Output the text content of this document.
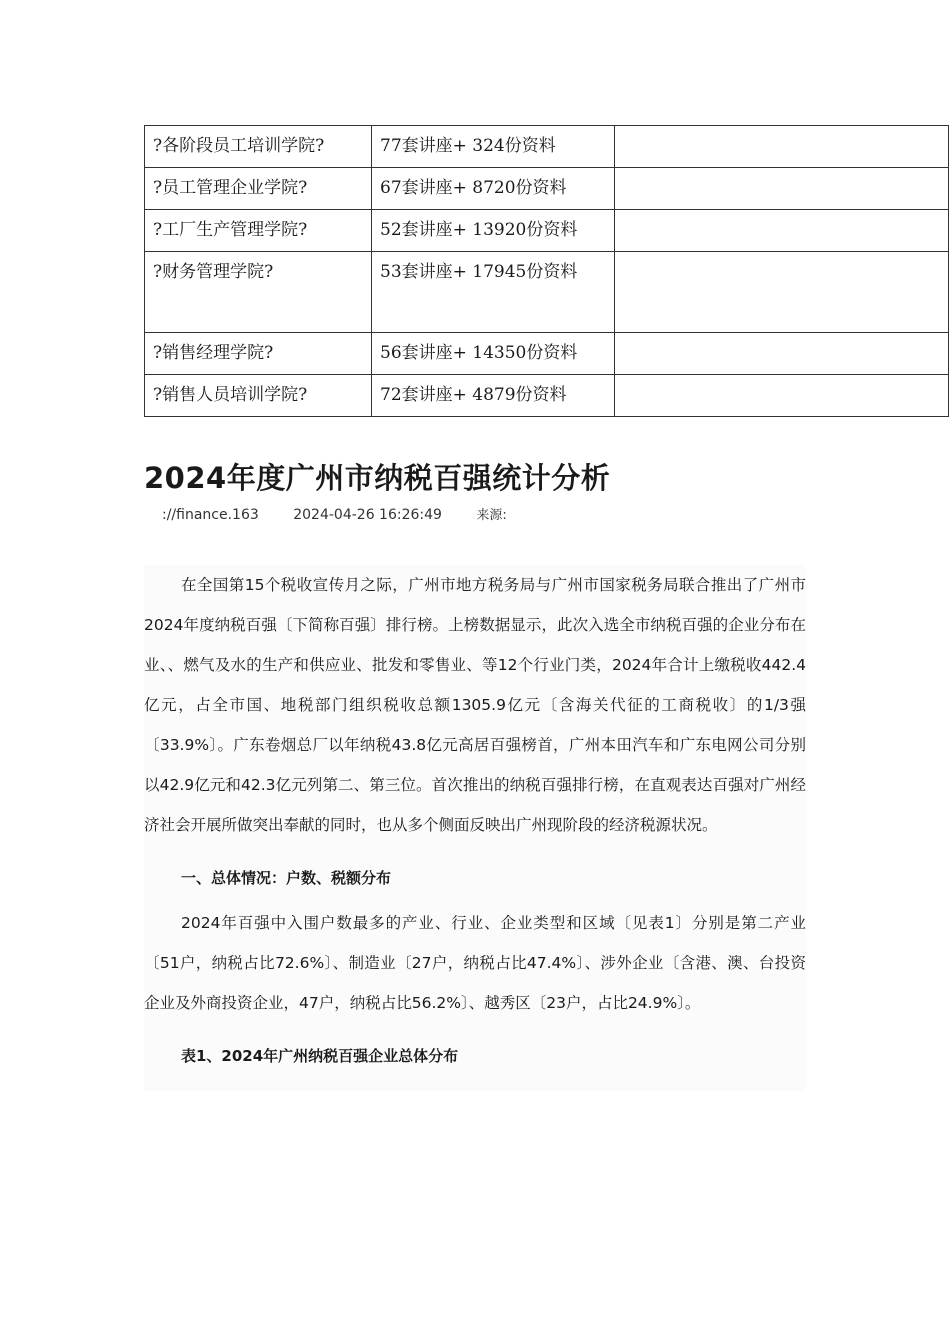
?各阶段员工培训学院?	77套讲座+ 324份资料	
?员工管理企业学院?	67套讲座+ 8720份资料	
?工厂生产管理学院?	52套讲座+ 13920份资料	
?财务管理学院?	53套讲座+ 17945份资料	

?销售经理学院?	56套讲座+ 14350份资料	
?销售人员培训学院?	72套讲座+ 4879份资料	
2024年度广州市纳税百强统计分析
://finance.163 2024-04-26 16:26:49	来源:

在全国第15个税收宣传月之际，广州市地方税务局与广州市国家税务局联合推出了广州市2024年度纳税百强〔下简称百强〕排行榜。上榜数据显示，此次入选全市纳税百强的企业分布在业、、燃气及水的生产和供应业、批发和零售业、等12个行业门类，2024年合计上缴税收442.4亿元，占全市国、地税部门组织税收总额1305.9亿元〔含海关代征的工商税收〕的1/3强〔33.9%〕。广东卷烟总厂以年纳税43.8亿元高居百强榜首，广州本田汽车和广东电网公司分别以42.9亿元和42.3亿元列第二、第三位。首次推出的纳税百强排行榜，在直观表达百强对广州经济社会开展所做突出奉献的同时，也从多个侧面反映出广州现阶段的经济税源状况。

一、总体情况：户数、税额分布

2024年百强中入围户数最多的产业、行业、企业类型和区域〔见表1〕分别是第二产业〔51户，纳税占比72.6%〕、制造业〔27户，纳税占比47.4%〕、涉外企业〔含港、澳、台投资企业及外商投资企业，47户，纳税占比56.2%〕、越秀区〔23户，占比24.9%〕。

表1、2024年广州纳税百强企业总体分布
